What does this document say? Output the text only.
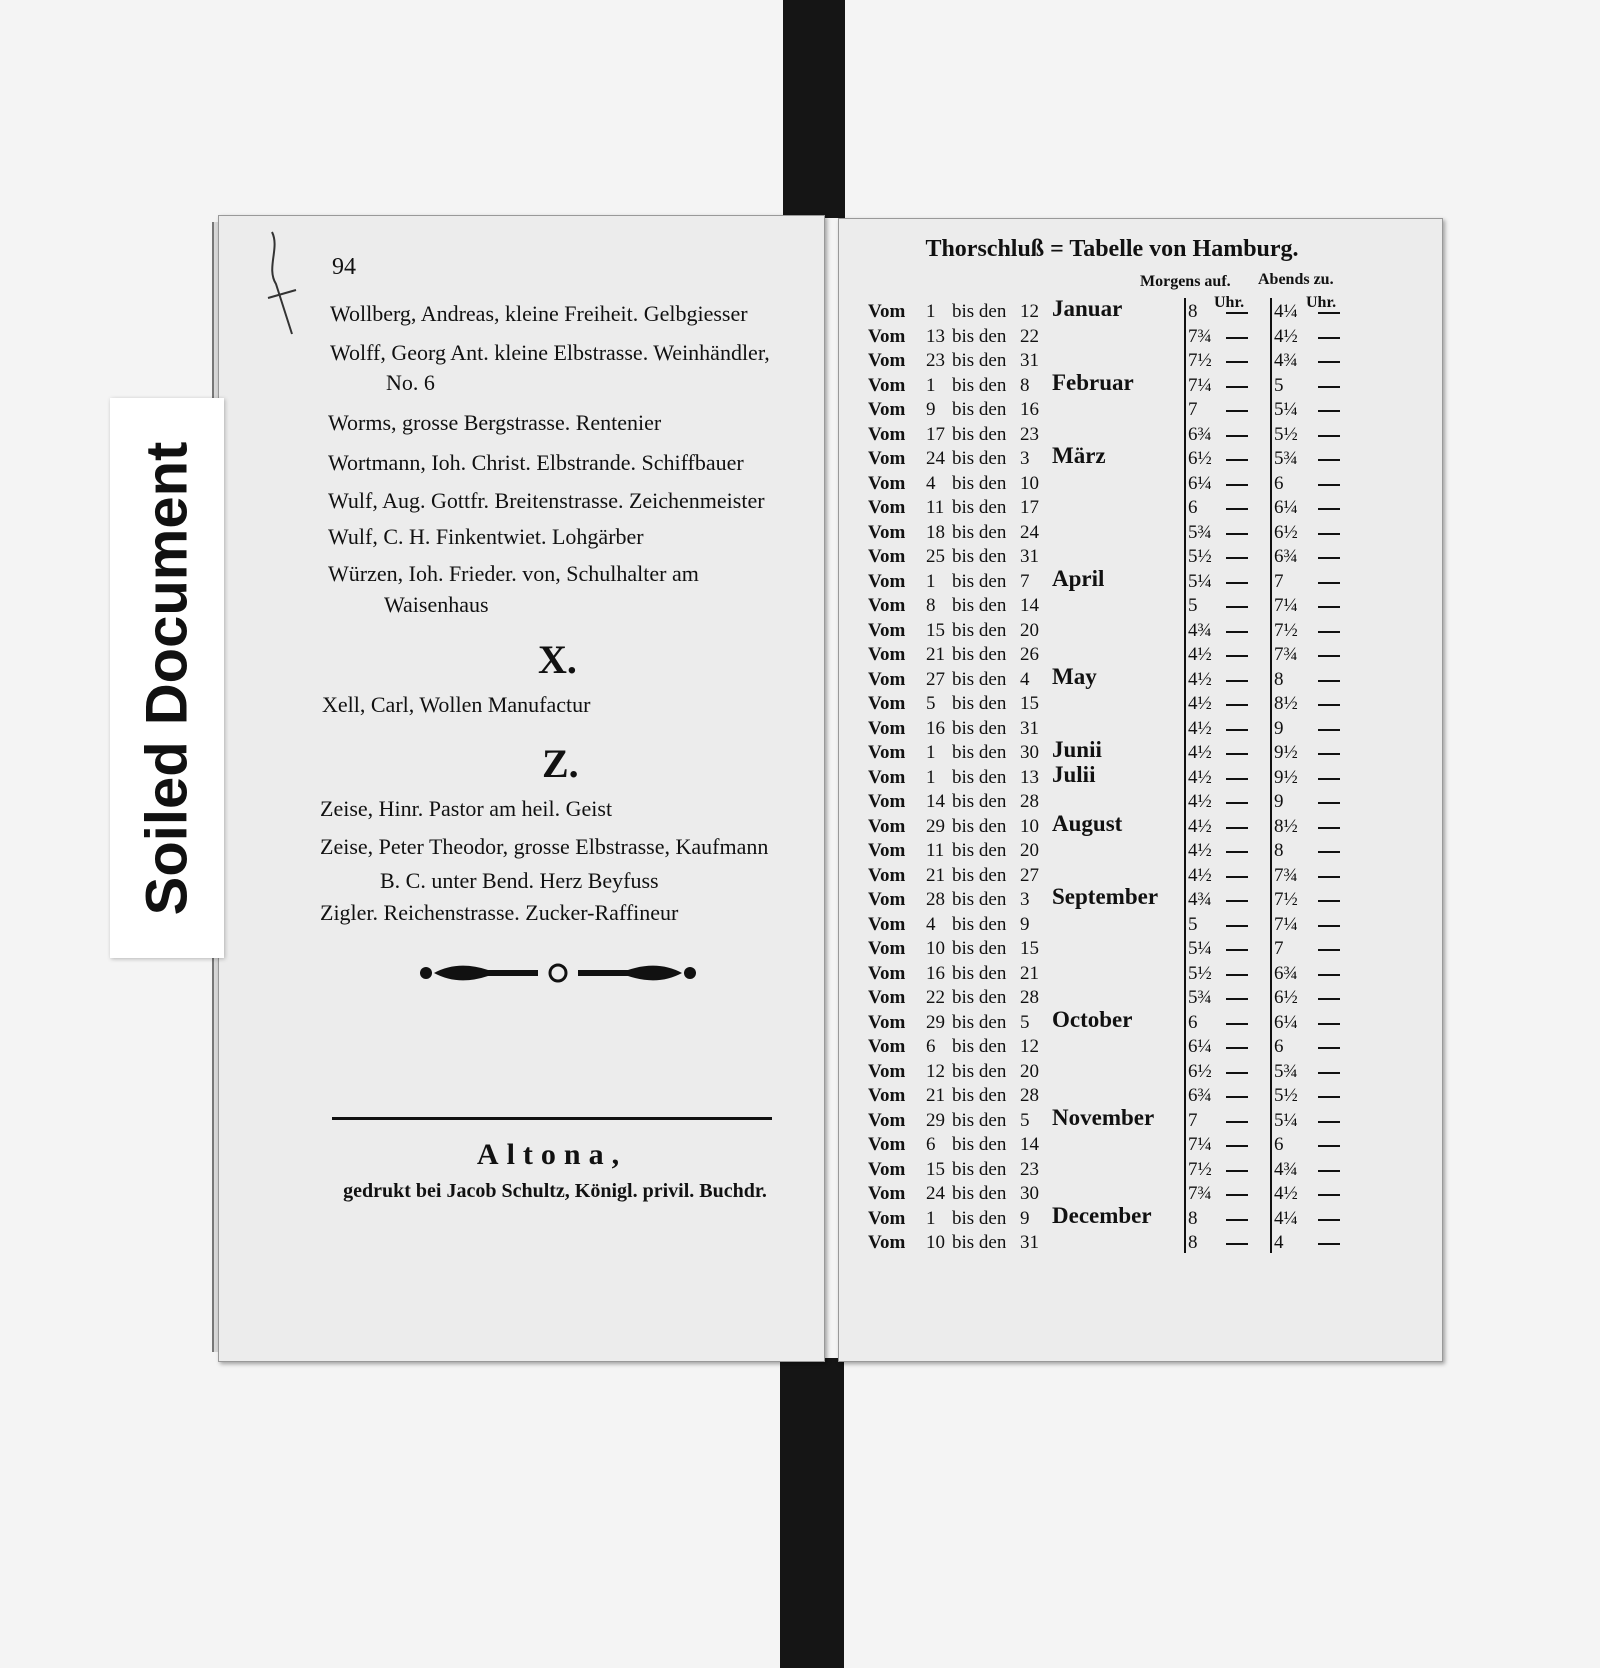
94
Wollberg, Andreas, kleine Freiheit. Gelbgiesser
Wolff, Georg Ant. kleine Elbstrasse. Weinhändler,
No. 6
Worms, grosse Bergstrasse. Rentenier
Wortmann, Ioh. Christ. Elbstrande. Schiffbauer
Wulf, Aug. Gottfr. Breitenstrasse. Zeichenmeister
Wulf, C. H. Finkentwiet. Lohgärber
Würzen, Ioh. Frieder. von, Schulhalter am
Waisenhaus
X.
Xell, Carl, Wollen Manufactur
Z.
Zeise, Hinr. Pastor am heil. Geist
Zeise, Peter Theodor, grosse Elbstrasse, Kaufmann
B. C. unter Bend. Herz Beyfuss
Zigler. Reichenstrasse. Zucker-Raffineur
Altona,
gedrukt bei Jacob Schultz, Königl. privil. Buchdr.
Thorschluß = Tabelle von Hamburg.
Morgens auf. Abends zu.
Uhr.	Uhr.
Vom 1 bis den 12 Januar	8	4¼
Vom 13 bis den 22	7¾	4½
Vom 23 bis den 31	7½	4¾
Vom 1 bis den 8 Februar	7¼	5
Vom 9 bis den 16	7	5¼
Vom 17 bis den 23	6¾	5½
Vom 24 bis den 3 März	6½	5¾
Vom 4 bis den 10	6¼	6
Vom 11 bis den 17	6	6¼
Vom 18 bis den 24	5¾	6½
Vom 25 bis den 31	5½	6¾
Vom 1 bis den 7 April	5¼	7
Vom 8 bis den 14	5	7¼
Vom 15 bis den 20	4¾	7½
Vom 21 bis den 26	4½	7¾
Vom 27 bis den 4 May	4½	8
Vom 5 bis den 15	4½	8½
Vom 16 bis den 31	4½	9
Vom 1 bis den 30 Junii	4½	9½
Vom 1 bis den 13 Julii	4½	9½
Vom 14 bis den 28	4½	9
Vom 29 bis den 10 August	4½	8½
Vom 11 bis den 20	4½	8
Vom 21 bis den 27	4½	7¾
Vom 28 bis den 3 September 4¾	7½
Vom 4 bis den 9	5	7¼
Vom 10 bis den 15	5¼	7
Vom 16 bis den 21	5½	6¾
Vom 22 bis den 28	5¾	6½
Vom 29 bis den 5 October	6	6¼
Vom 6 bis den 12	6¼	6
Vom 12 bis den 20	6½	5¾
Vom 21 bis den 28	6¾	5½
Vom 29 bis den 5 November 7	5¼
Vom 6 bis den 14	7¼	6
Vom 15 bis den 23	7½	4¾
Vom 24 bis den 30	7¾	4½
Vom 1 bis den 9 December 8	4¼
Vom 10 bis den 31	8	4
Soiled Document
